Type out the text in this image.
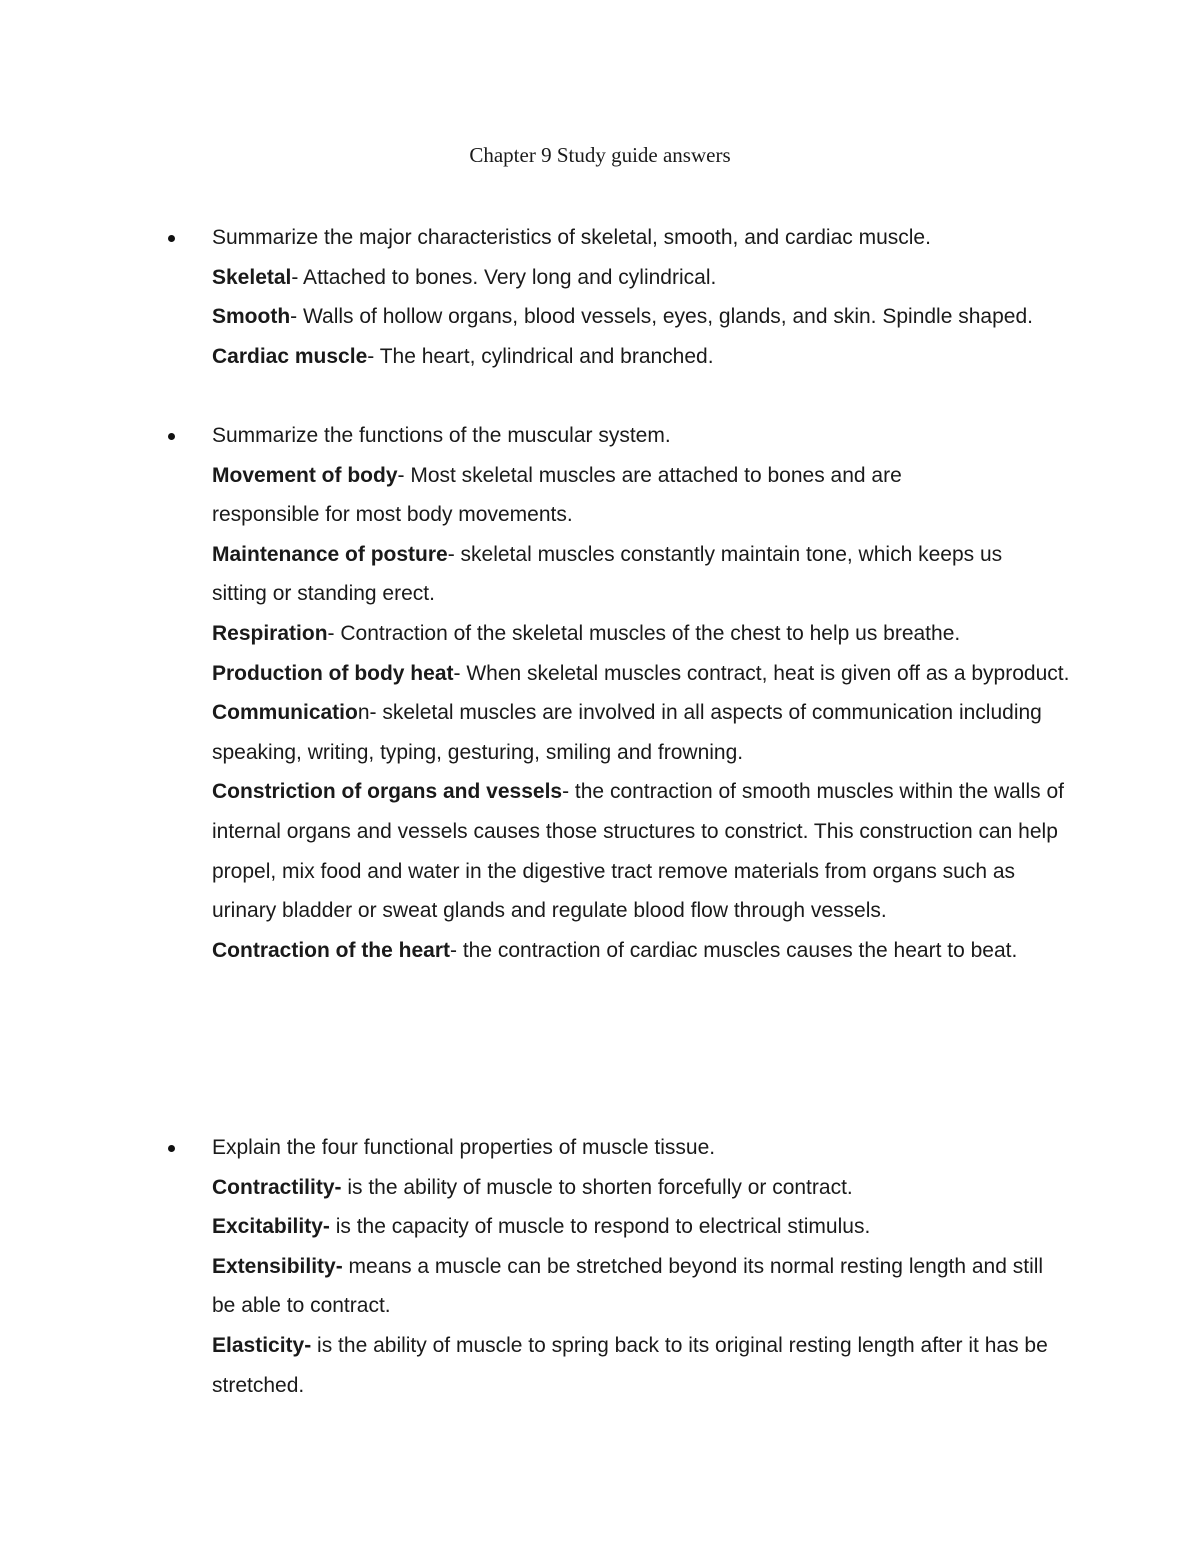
Chapter 9 Study guide answers

Summarize the major characteristics of skeletal, smooth, and cardiac muscle.

Skeletal- Attached to bones. Very long and cylindrical.

Smooth- Walls of hollow organs, blood vessels, eyes, glands, and skin. Spindle shaped.

Cardiac muscle- The heart, cylindrical and branched.

Summarize the functions of the muscular system.

Movement of body- Most skeletal muscles are attached to bones and are responsible for most body movements.

Maintenance of posture- skeletal muscles constantly maintain tone, which keeps us sitting or standing erect.

Respiration- Contraction of the skeletal muscles of the chest to help us breathe.

Production of body heat- When skeletal muscles contract, heat is given off as a byproduct.

Communication- skeletal muscles are involved in all aspects of communication including speaking, writing, typing, gesturing, smiling and frowning.

Constriction of organs and vessels- the contraction of smooth muscles within the walls of internal organs and vessels causes those structures to constrict. This construction can help propel, mix food and water in the digestive tract remove materials from organs such as urinary bladder or sweat glands and regulate blood flow through vessels.

Contraction of the heart- the contraction of cardiac muscles causes the heart to beat.

Explain the four functional properties of muscle tissue.

Contractility- is the ability of muscle to shorten forcefully or contract.

Excitability- is the capacity of muscle to respond to electrical stimulus.

Extensibility- means a muscle can be stretched beyond its normal resting length and still be able to contract.

Elasticity- is the ability of muscle to spring back to its original resting length after it has be stretched.
